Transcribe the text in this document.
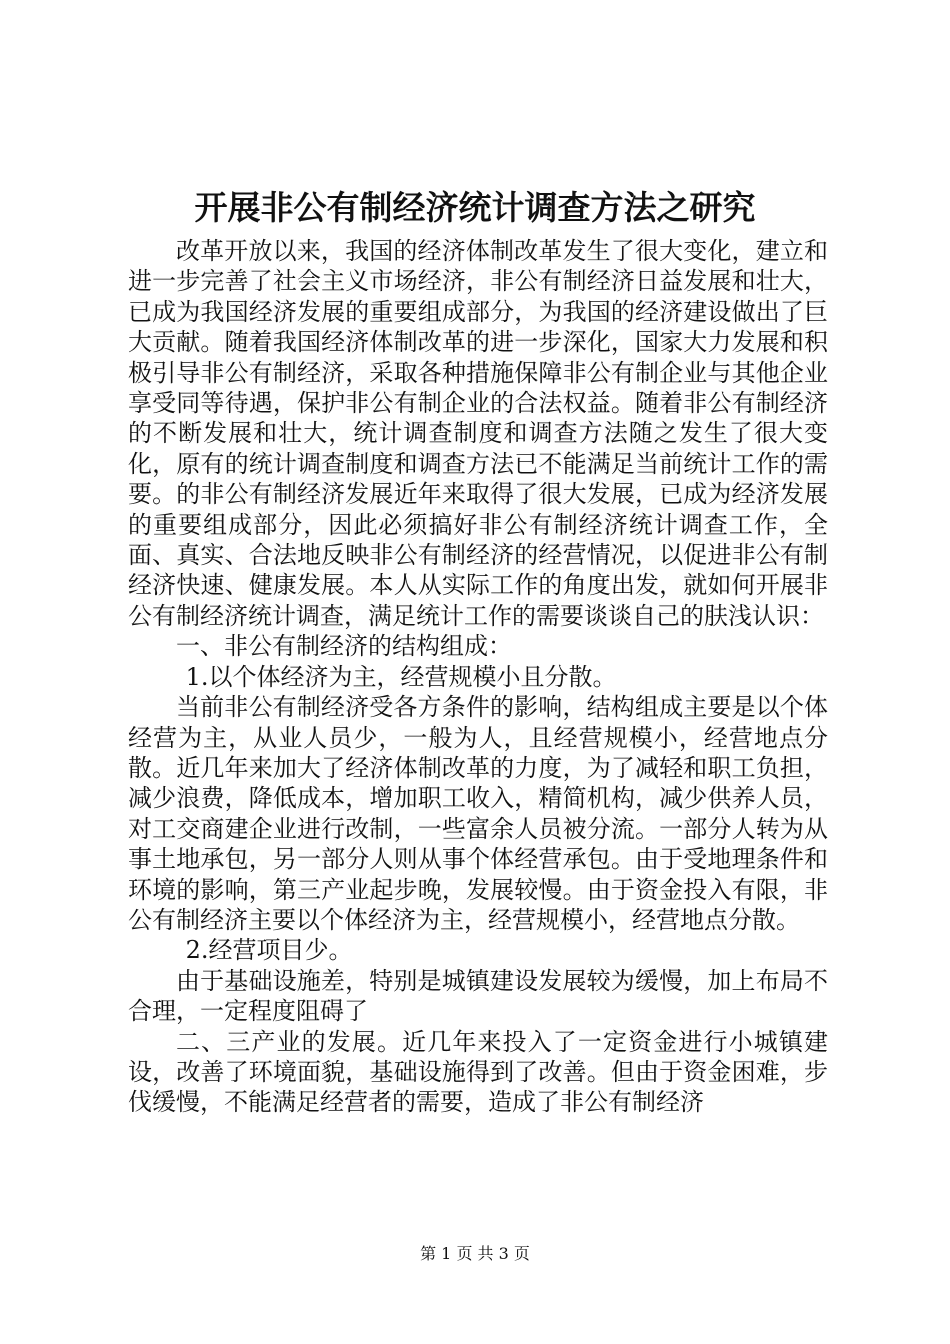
开展非公有制经济统计调查方法之研究

改革开放以来，我国的经济体制改革发生了很大变化，建立和进一步完善了社会主义市场经济，非公有制经济日益发展和壮大，已成为我国经济发展的重要组成部分，为我国的经济建设做出了巨大贡献。随着我国经济体制改革的进一步深化，国家大力发展和积极引导非公有制经济，采取各种措施保障非公有制企业与其他企业享受同等待遇，保护非公有制企业的合法权益。随着非公有制经济的不断发展和壮大，统计调查制度和调查方法随之发生了很大变化，原有的统计调查制度和调查方法已不能满足当前统计工作的需要。的非公有制经济发展近年来取得了很大发展，已成为经济发展的重要组成部分，因此必须搞好非公有制经济统计调查工作，全面、真实、合法地反映非公有制经济的经营情况，以促进非公有制经济快速、健康发展。本人从实际工作的角度出发，就如何开展非公有制经济统计调查，满足统计工作的需要谈谈自己的肤浅认识：

一、非公有制经济的结构组成：

1.以个体经济为主，经营规模小且分散。

当前非公有制经济受各方条件的影响，结构组成主要是以个体经营为主，从业人员少，一般为人，且经营规模小，经营地点分散。近几年来加大了经济体制改革的力度，为了减轻和职工负担，减少浪费，降低成本，增加职工收入，精简机构，减少供养人员，对工交商建企业进行改制，一些富余人员被分流。一部分人转为从事土地承包，另一部分人则从事个体经营承包。由于受地理条件和环境的影响，第三产业起步晚，发展较慢。由于资金投入有限，非公有制经济主要以个体经济为主，经营规模小，经营地点分散。

2.经营项目少。

由于基础设施差，特别是城镇建设发展较为缓慢，加上布局不合理，一定程度阻碍了

二、三产业的发展。近几年来投入了一定资金进行小城镇建设，改善了环境面貌，基础设施得到了改善。但由于资金困难，步伐缓慢，不能满足经营者的需要，造成了非公有制经济

第 1 页 共 3 页
